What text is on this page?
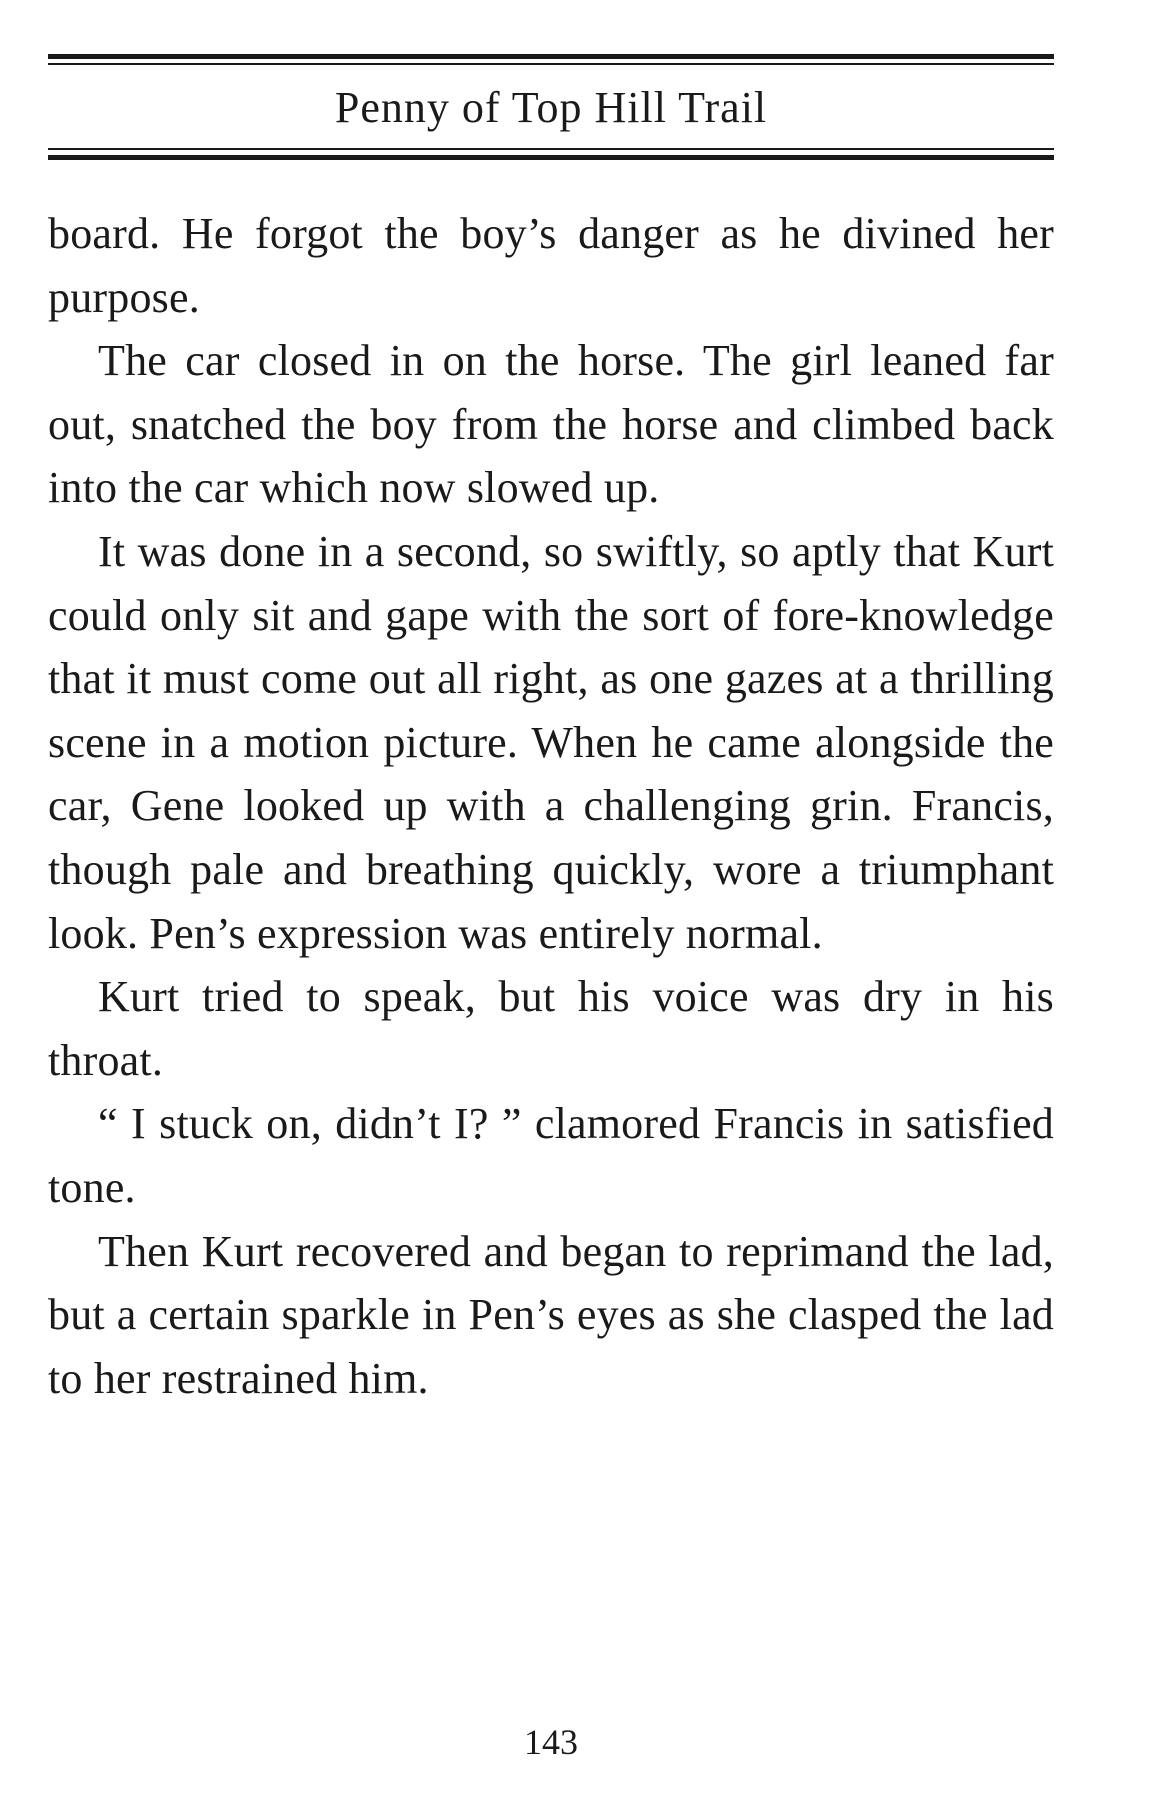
Penny of Top Hill Trail

board. He forgot the boy’s danger as he divined her purpose.

The car closed in on the horse. The girl leaned far out, snatched the boy from the horse and climbed back into the car which now slowed up.

It was done in a second, so swiftly, so aptly that Kurt could only sit and gape with the sort of fore-knowledge that it must come out all right, as one gazes at a thrilling scene in a motion picture. When he came alongside the car, Gene looked up with a challenging grin. Francis, though pale and breathing quickly, wore a triumphant look. Pen’s expression was entirely normal.

Kurt tried to speak, but his voice was dry in his throat.

“ I stuck on, didn’t I? ” clamored Francis in satisfied tone.

Then Kurt recovered and began to reprimand the lad, but a certain sparkle in Pen’s eyes as she clasped the lad to her restrained him.

143
